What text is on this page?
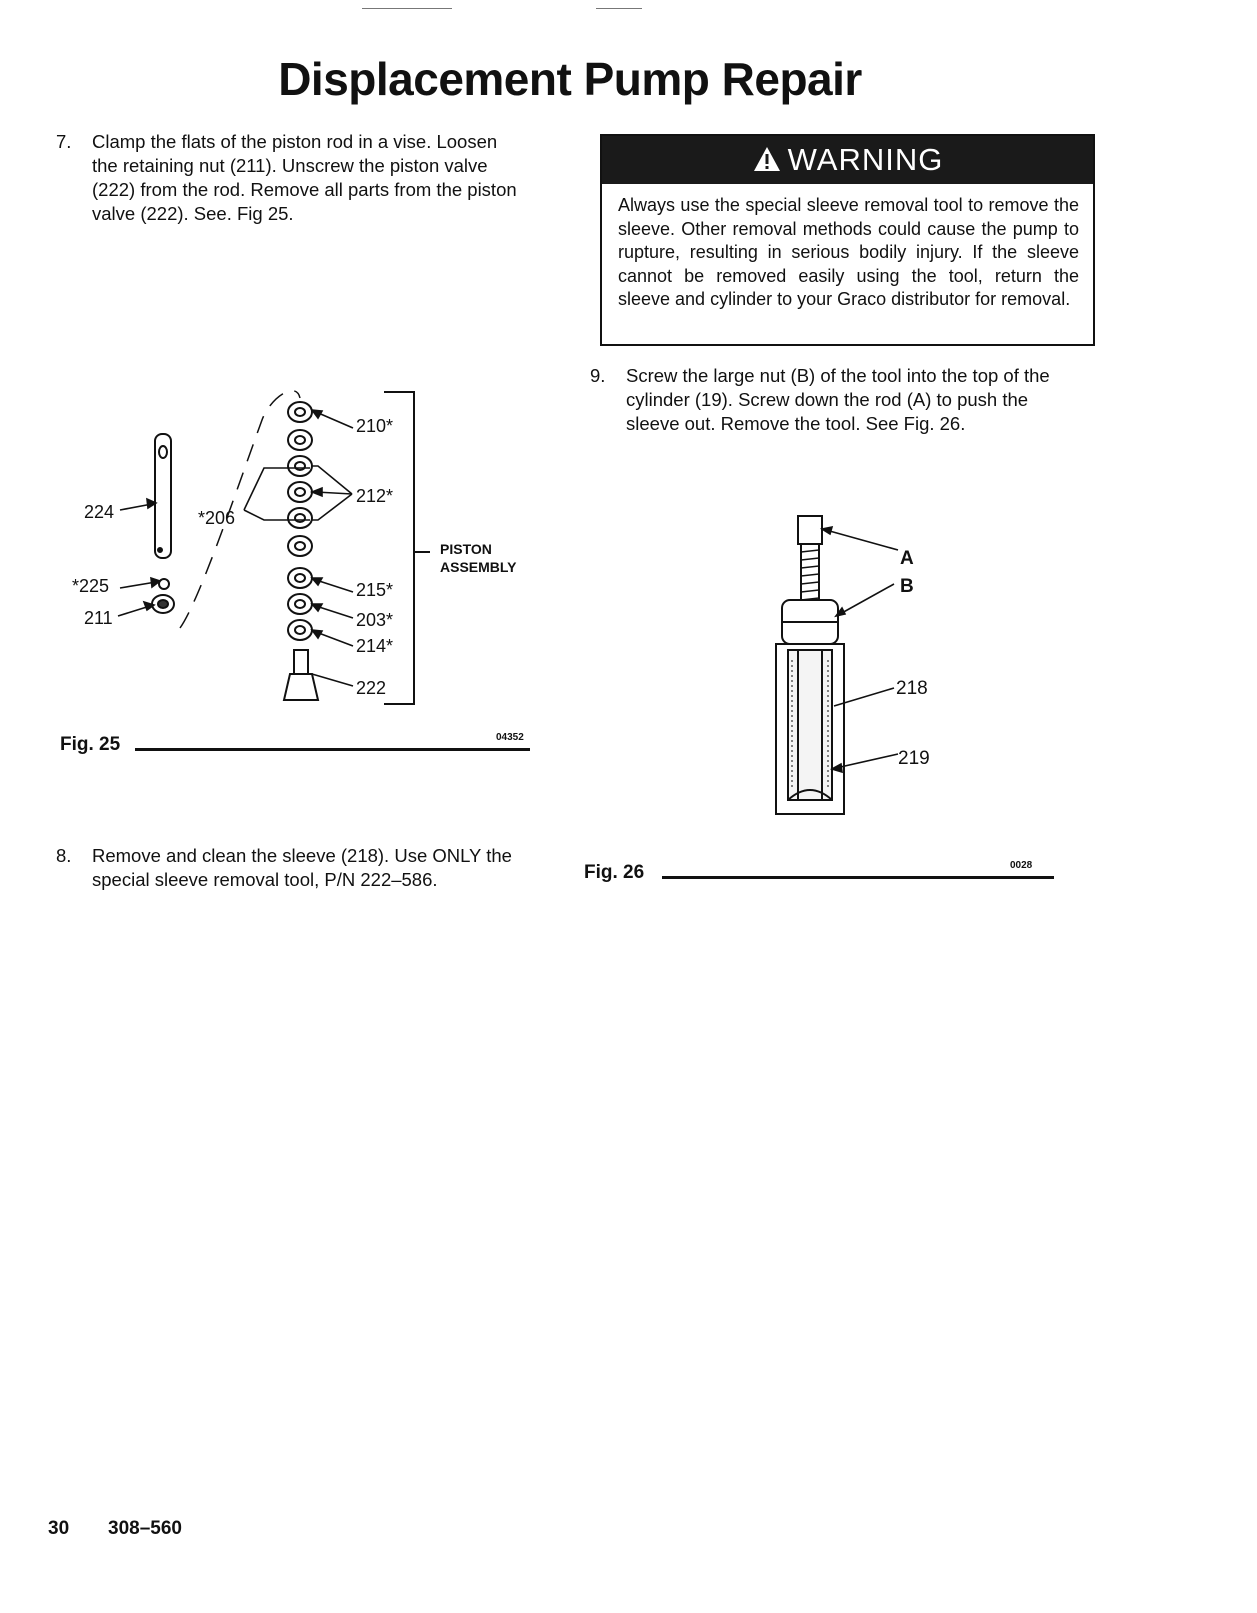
Displacement Pump Repair
7. Clamp the flats of the piston rod in a vise. Loosen the retaining nut (211). Unscrew the piston valve (222) from the rod. Remove all parts from the piston valve (222). See. Fig 25.
WARNING
Always use the special sleeve removal tool to remove the sleeve. Other removal methods could cause the pump to rupture, resulting in serious bodily injury. If the sleeve cannot be removed easily using the tool, return the sleeve and cylinder to your Graco distributor for removal.
9. Screw the large nut (B) of the tool into the top of the cylinder (19). Screw down the rod (A) to push the sleeve out. Remove the tool. See Fig. 26.
8. Remove and clean the sleeve (218). Use ONLY the special sleeve removal tool, P/N 222–586.
210*
212*
224	*206
*225
211
215*
203*
214*
222
PISTON
ASSEMBLY
Fig. 25	04352
A
B
218
219
Fig. 26	0028
30 308–560
